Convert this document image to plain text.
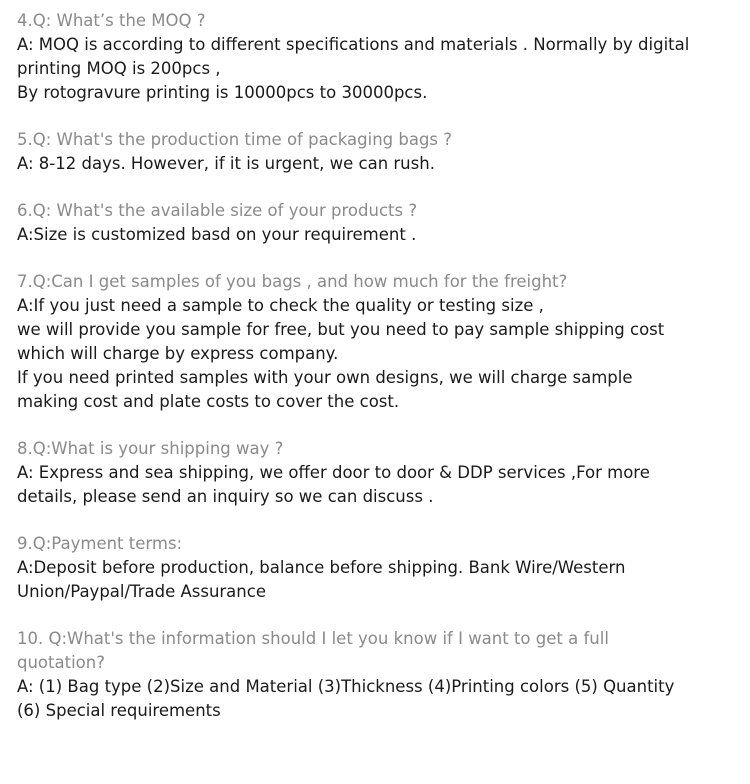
4.Q: What’s the MOQ ?
A: MOQ is according to different specifications and materials . Normally by digital
printing MOQ is 200pcs ,
By rotogravure printing is 10000pcs to 30000pcs.
5.Q: What's the production time of packaging bags ?
A: 8-12 days. However, if it is urgent, we can rush.
6.Q: What's the available size of your products ?
A:Size is customized basd on your requirement .
7.Q:Can I get samples of you bags , and how much for the freight?
A:If you just need a sample to check the quality or testing size ,
we will provide you sample for free, but you need to pay sample shipping cost
which will charge by express company.
If you need printed samples with your own designs, we will charge sample
making cost and plate costs to cover the cost.
8.Q:What is your shipping way ?
A: Express and sea shipping, we offer door to door & DDP services ,For more
details, please send an inquiry so we can discuss .
9.Q:Payment terms:
A:Deposit before production, balance before shipping. Bank Wire/Western
Union/Paypal/Trade Assurance
10. Q:What's the information should I let you know if I want to get a full
quotation?
A: (1) Bag type (2)Size and Material (3)Thickness (4)Printing colors (5) Quantity
(6) Special requirements
